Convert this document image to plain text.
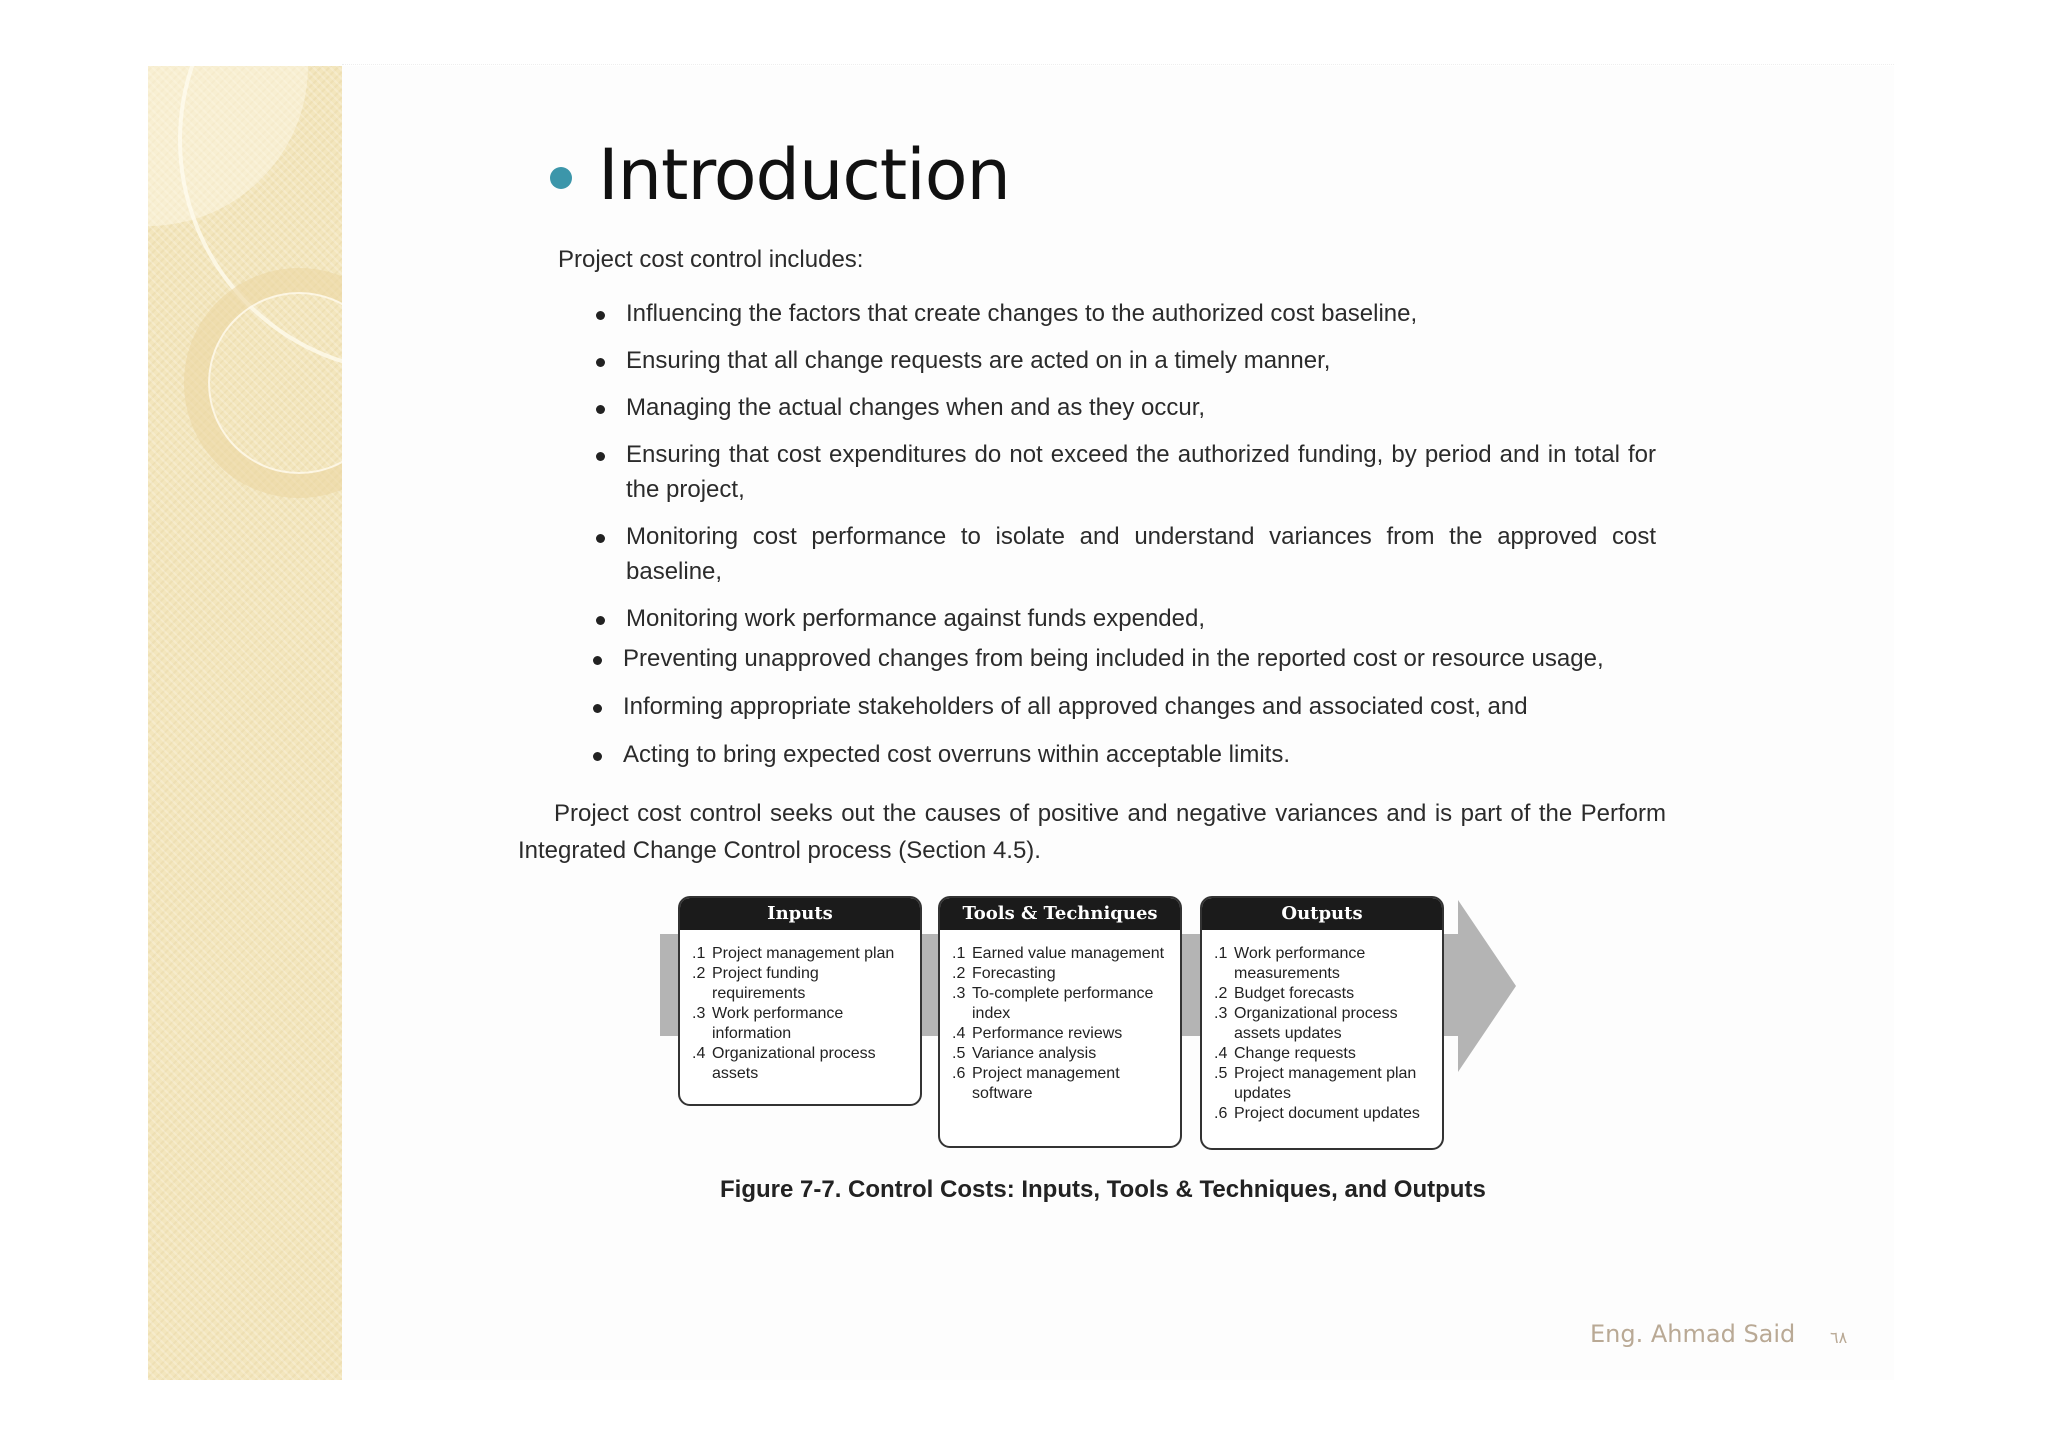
Introduction
Project cost control includes:
Influencing the factors that create changes to the authorized cost baseline,
Ensuring that all change requests are acted on in a timely manner,
Managing the actual changes when and as they occur,
Ensuring that cost expenditures do not exceed the authorized funding, by period and in total for the project,
Monitoring cost performance to isolate and understand variances from the approved cost baseline,
Monitoring work performance against funds expended,
Preventing unapproved changes from being included in the reported cost or resource usage,
Informing appropriate stakeholders of all approved changes and associated cost, and
Acting to bring expected cost overruns within acceptable limits.
Project cost control seeks out the causes of positive and negative variances and is part of the Perform Integrated Change Control process (Section 4.5).
Inputs
.1 Project management plan
.2 Project funding requirements
.3 Work performance information
.4 Organizational process assets
Tools & Techniques
.1 Earned value management
.2 Forecasting
.3 To-complete performance index
.4 Performance reviews
.5 Variance analysis
.6 Project management software
Outputs
.1 Work performance measurements
.2 Budget forecasts
.3 Organizational process assets updates
.4 Change requests
.5 Project management plan updates
.6 Project document updates
Figure 7-7. Control Costs: Inputs, Tools & Techniques, and Outputs
Eng. Ahmad Said ٦٨
